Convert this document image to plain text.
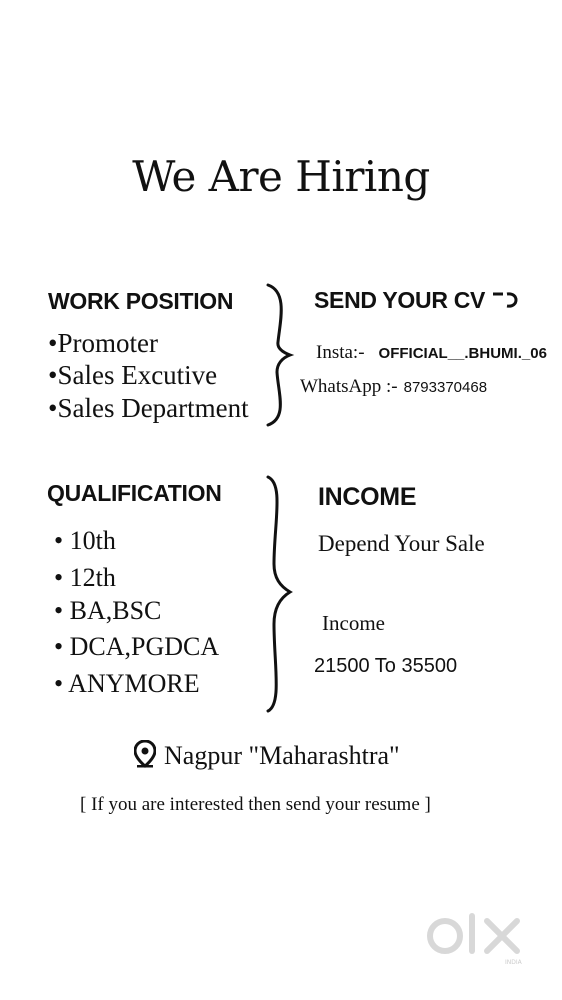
We Are Hiring
WORK POSITION
•Promoter
•Sales Excutive
•Sales Department
SEND YOUR CV
Insta:- OFFICIAL__.BHUMI._06
WhatsApp :- 8793370468
QUALIFICATION
• 10th
• 12th
• BA,BSC
• DCA,PGDCA
• ANYMORE
INCOME
Depend Your Sale
Income
21500 To 35500
Nagpur "Maharashtra"
[ If you are interested then send your resume ]
INDIA
